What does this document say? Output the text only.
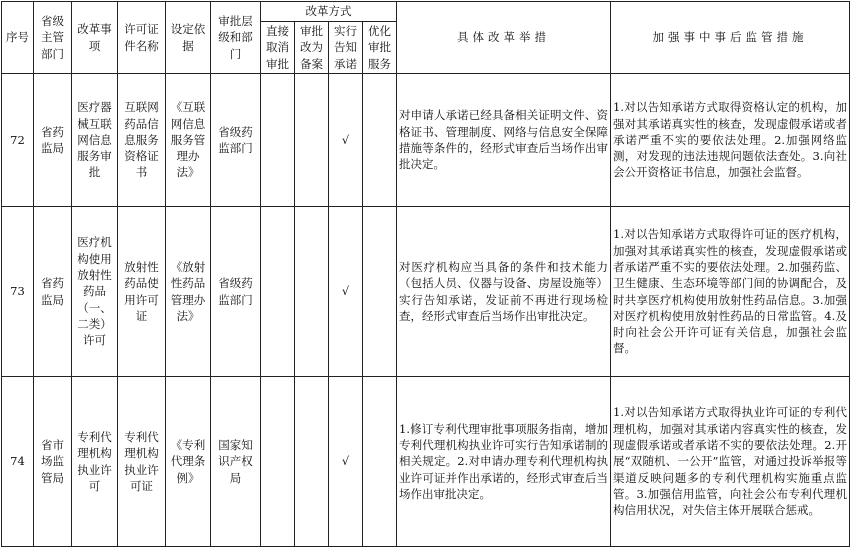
序号	省级主管部门	改革事项	许可证件名称	设定依据	审批层级和部门	改革方式				具体改革举措	加强事中事后监管措施
						直接取消审批	审批改为备案	实行告知承诺	优化审批服务		
72	省药监局	医疗器械互联网信息服务审批	互联网药品信息服务资格证书	《互联网信息服务管理办法》	省级药监部门			√		对申请人承诺已经具备相关证明文件、资格证书、管理制度、网络与信息安全保障措施等条件的，经形式审查后当场作出审批决定。	1.对以告知承诺方式取得资格认定的机构，加强对其承诺真实性的核查，发现虚假承诺或者承诺严重不实的要依法处理。2.加强网络监测，对发现的违法违规问题依法查处。3.向社会公开资格证书信息，加强社会监督。
73	省药监局	医疗机构使用放射性药品（一、二类）许可	放射性药品使用许可证	《放射性药品管理办法》	省级药监部门			√		对医疗机构应当具备的条件和技术能力（包括人员、仪器与设备、房屋设施等）实行告知承诺，发证前不再进行现场检查，经形式审查后当场作出审批决定。	1.对以告知承诺方式取得许可证的医疗机构，加强对其承诺真实性的核查，发现虚假承诺或者承诺严重不实的要依法处理。2.加强药监、卫生健康、生态环境等部门间的协调配合，及时共享医疗机构使用放射性药品信息。3.加强对医疗机构使用放射性药品的日常监管。4.及时向社会公开许可证有关信息，加强社会监督。
74	省市场监管局	专利代理机构执业许可	专利代理机构执业许可证	《专利代理条例》	国家知识产权局			√		1.修订专利代理审批事项服务指南，增加专利代理机构执业许可实行告知承诺制的相关规定。2.对申请办理专利代理机构执业许可证并作出承诺的，经形式审查后当场作出审批决定。	1.对以告知承诺方式取得执业许可证的专利代理机构，加强对其承诺内容真实性的核查，发现虚假承诺或者承诺不实的要依法处理。2.开展“双随机、一公开”监管，对通过投诉举报等渠道反映问题多的专利代理机构实施重点监管。3.加强信用监管，向社会公布专利代理机构信用状况，对失信主体开展联合惩戒。
